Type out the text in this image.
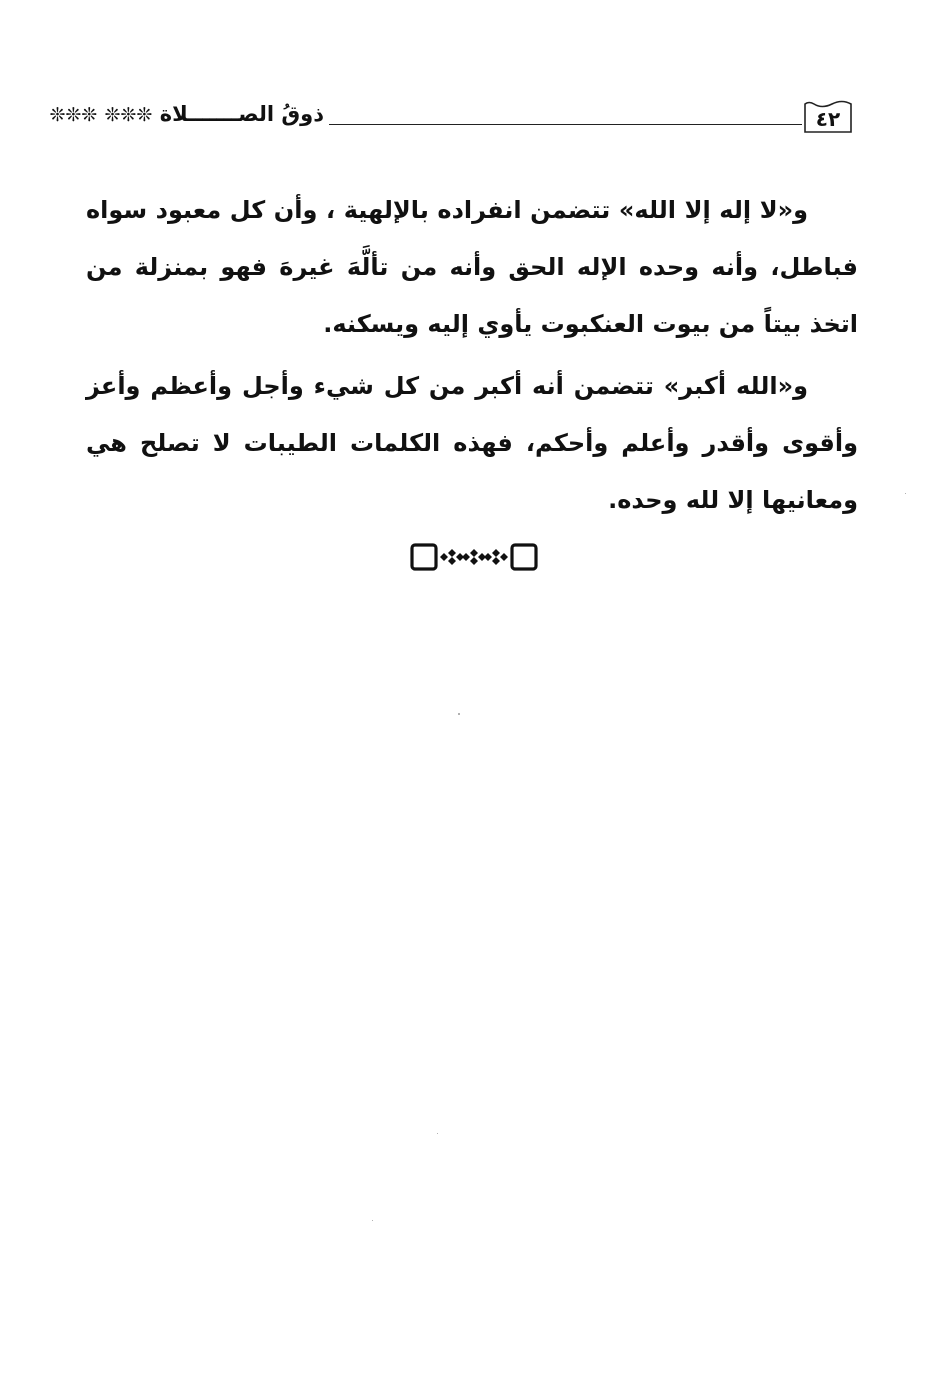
٤٢
ذوقُ الصـــــــلاة ❊❊❊ ❊❊❊

و«لا إله إلا الله» تتضمن انفراده بالإلهية ، وأن كل معبود سواه فباطل، وأنه وحده الإله الحق وأنه من تألَّهَ غيرهَ فهو بمنزلة من اتخذ بيتاً من بيوت العنكبوت يأوي إليه ويسكنه.

و«الله أكبر» تتضمن أنه أكبر من كل شيء وأجل وأعظم وأعز وأقوى وأقدر وأعلم وأحكم، فهذه الكلمات الطيبات لا تصلح هي ومعانيها إلا لله وحده.
